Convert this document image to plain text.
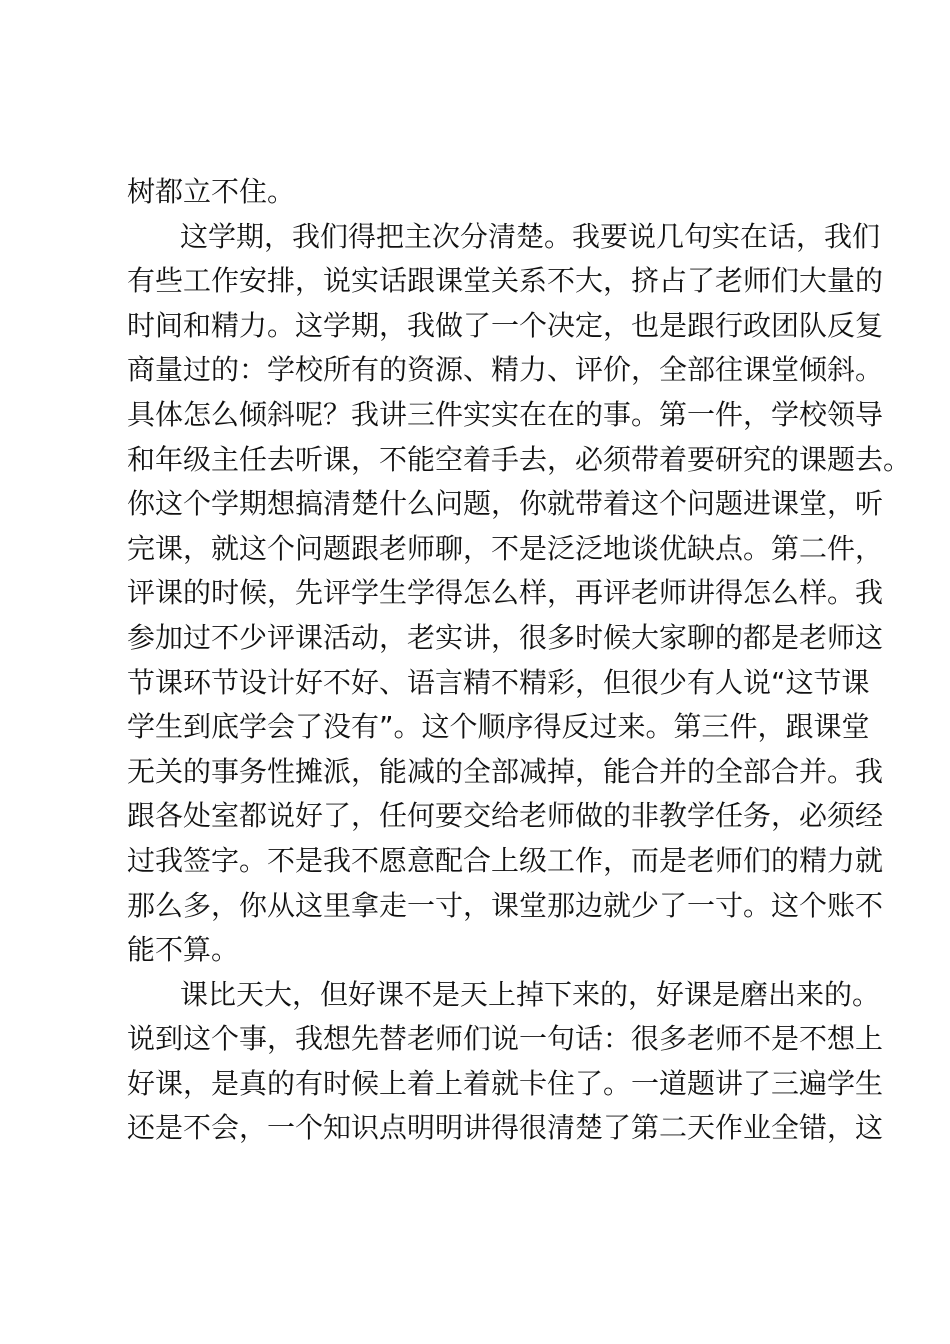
树都立不住。
这学期，我们得把主次分清楚。我要说几句实在话，我们
有些工作安排，说实话跟课堂关系不大，挤占了老师们大量的
时间和精力。这学期，我做了一个决定，也是跟行政团队反复
商量过的：学校所有的资源、精力、评价，全部往课堂倾斜。
具体怎么倾斜呢？我讲三件实实在在的事。第一件，学校领导
和年级主任去听课，不能空着手去，必须带着要研究的课题去。
你这个学期想搞清楚什么问题，你就带着这个问题进课堂，听
完课，就这个问题跟老师聊，不是泛泛地谈优缺点。第二件，
评课的时候，先评学生学得怎么样，再评老师讲得怎么样。我
参加过不少评课活动，老实讲，很多时候大家聊的都是老师这
节课环节设计好不好、语言精不精彩，但很少有人说“这节课
学生到底学会了没有”。这个顺序得反过来。第三件，跟课堂
无关的事务性摊派，能减的全部减掉，能合并的全部合并。我
跟各处室都说好了，任何要交给老师做的非教学任务，必须经
过我签字。不是我不愿意配合上级工作，而是老师们的精力就
那么多，你从这里拿走一寸，课堂那边就少了一寸。这个账不
能不算。
课比天大，但好课不是天上掉下来的，好课是磨出来的。
说到这个事，我想先替老师们说一句话：很多老师不是不想上
好课，是真的有时候上着上着就卡住了。一道题讲了三遍学生
还是不会，一个知识点明明讲得很清楚了第二天作业全错，这
